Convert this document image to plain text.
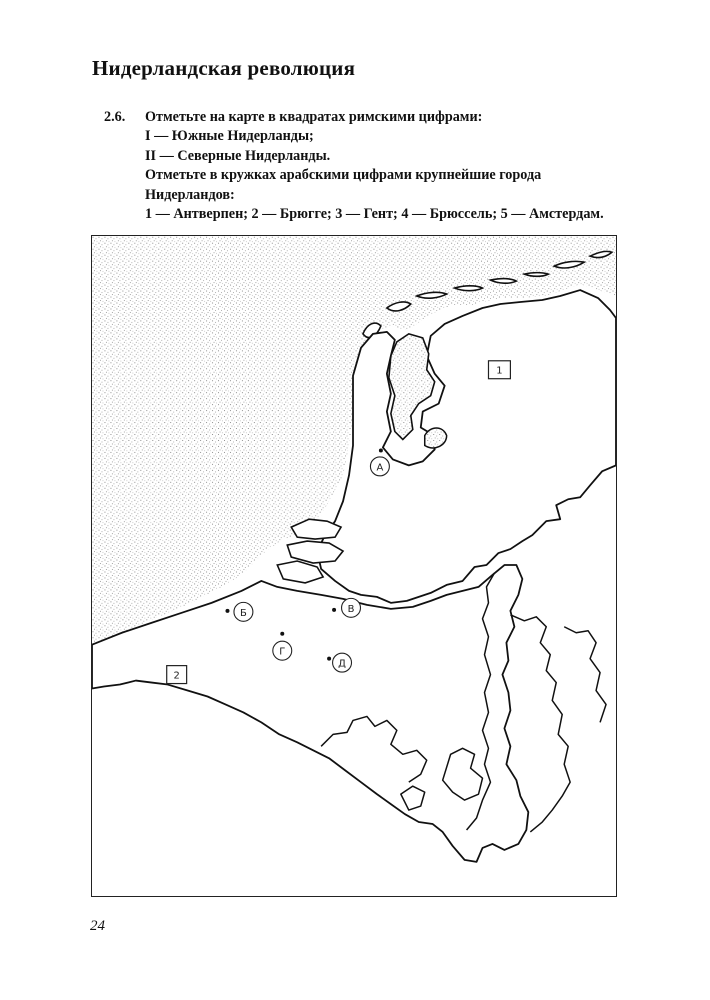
Нидерландская революция
2.6. Отметьте на карте в квадратах римскими цифрами:
I — Южные Нидерланды;
II — Северные Нидерланды.
Отметьте в кружках арабскими цифрами крупнейшие города
Нидерландов:
1 — Антверпен; 2 — Брюгге; 3 — Гент; 4 — Брюссель; 5 — Амстердам.
1
2
А
Б	В
Г
Д
24
